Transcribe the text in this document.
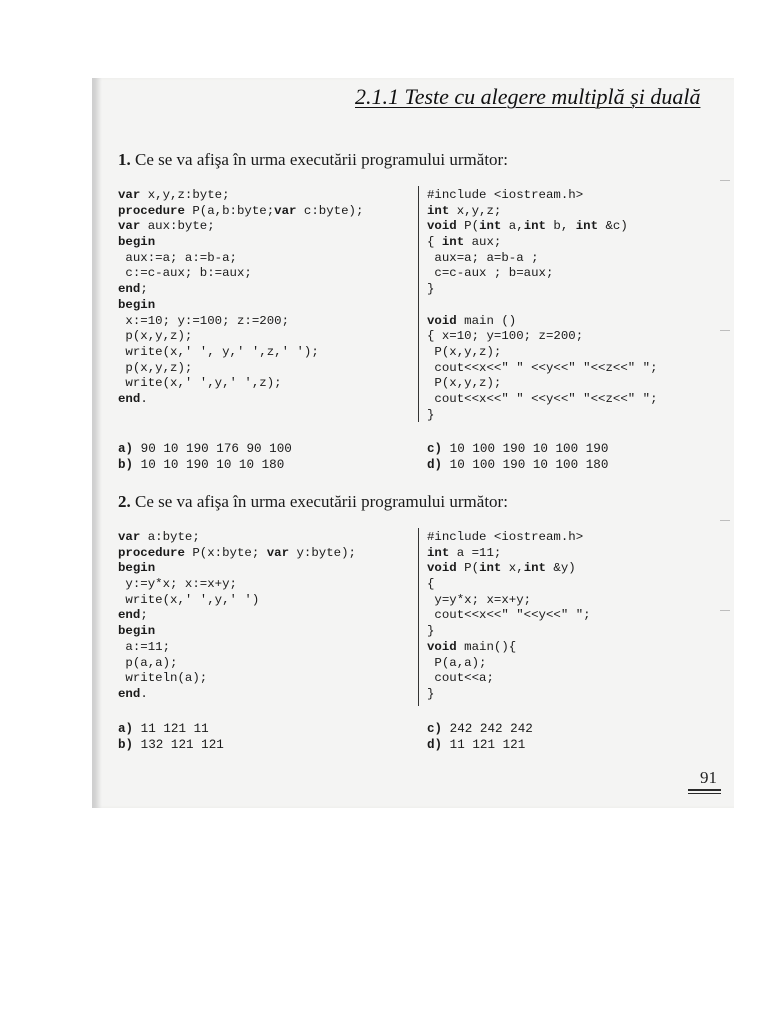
2.1.1 Teste cu alegere multiplă și duală
1. Ce se va afişa în urma executării programului următor:
var x,y,z:byte;
procedure P(a,b:byte;var c:byte);
var aux:byte;
begin
aux:=a; a:=b-a;
c:=c-aux; b:=aux;
end;
begin
x:=10; y:=100; z:=200;
p(x,y,z);
write(x,' ', y,' ',z,' ');
p(x,y,z);
write(x,' ',y,' ',z);
end.
#include <iostream.h>
int x,y,z;
void P(int a,int b, int &c)
{ int aux;
aux=a; a=b-a ;
c=c-aux ; b=aux;
}
void main ()
{ x=10; y=100; z=200;
P(x,y,z);
cout<<x<<" " <<y<<" "<<z<<" ";
P(x,y,z);
cout<<x<<" " <<y<<" "<<z<<" ";
}
a) 90 10 190 176 90 100
b) 10 10 190 10 10 180
c) 10 100 190 10 100 190
d) 10 100 190 10 100 180
2. Ce se va afişa în urma executării programului următor:
var a:byte;
procedure P(x:byte; var y:byte);
begin
y:=y*x; x:=x+y;
write(x,' ',y,' ')
end;
begin
a:=11;
p(a,a);
writeln(a);
end.
#include <iostream.h>
int a =11;
void P(int x,int &y)
{
y=y*x; x=x+y;
cout<<x<<" "<<y<<" ";
}
void main(){
P(a,a);
cout<<a;
}
a) 11 121 11
b) 132 121 121
c) 242 242 242
d) 11 121 121
91
